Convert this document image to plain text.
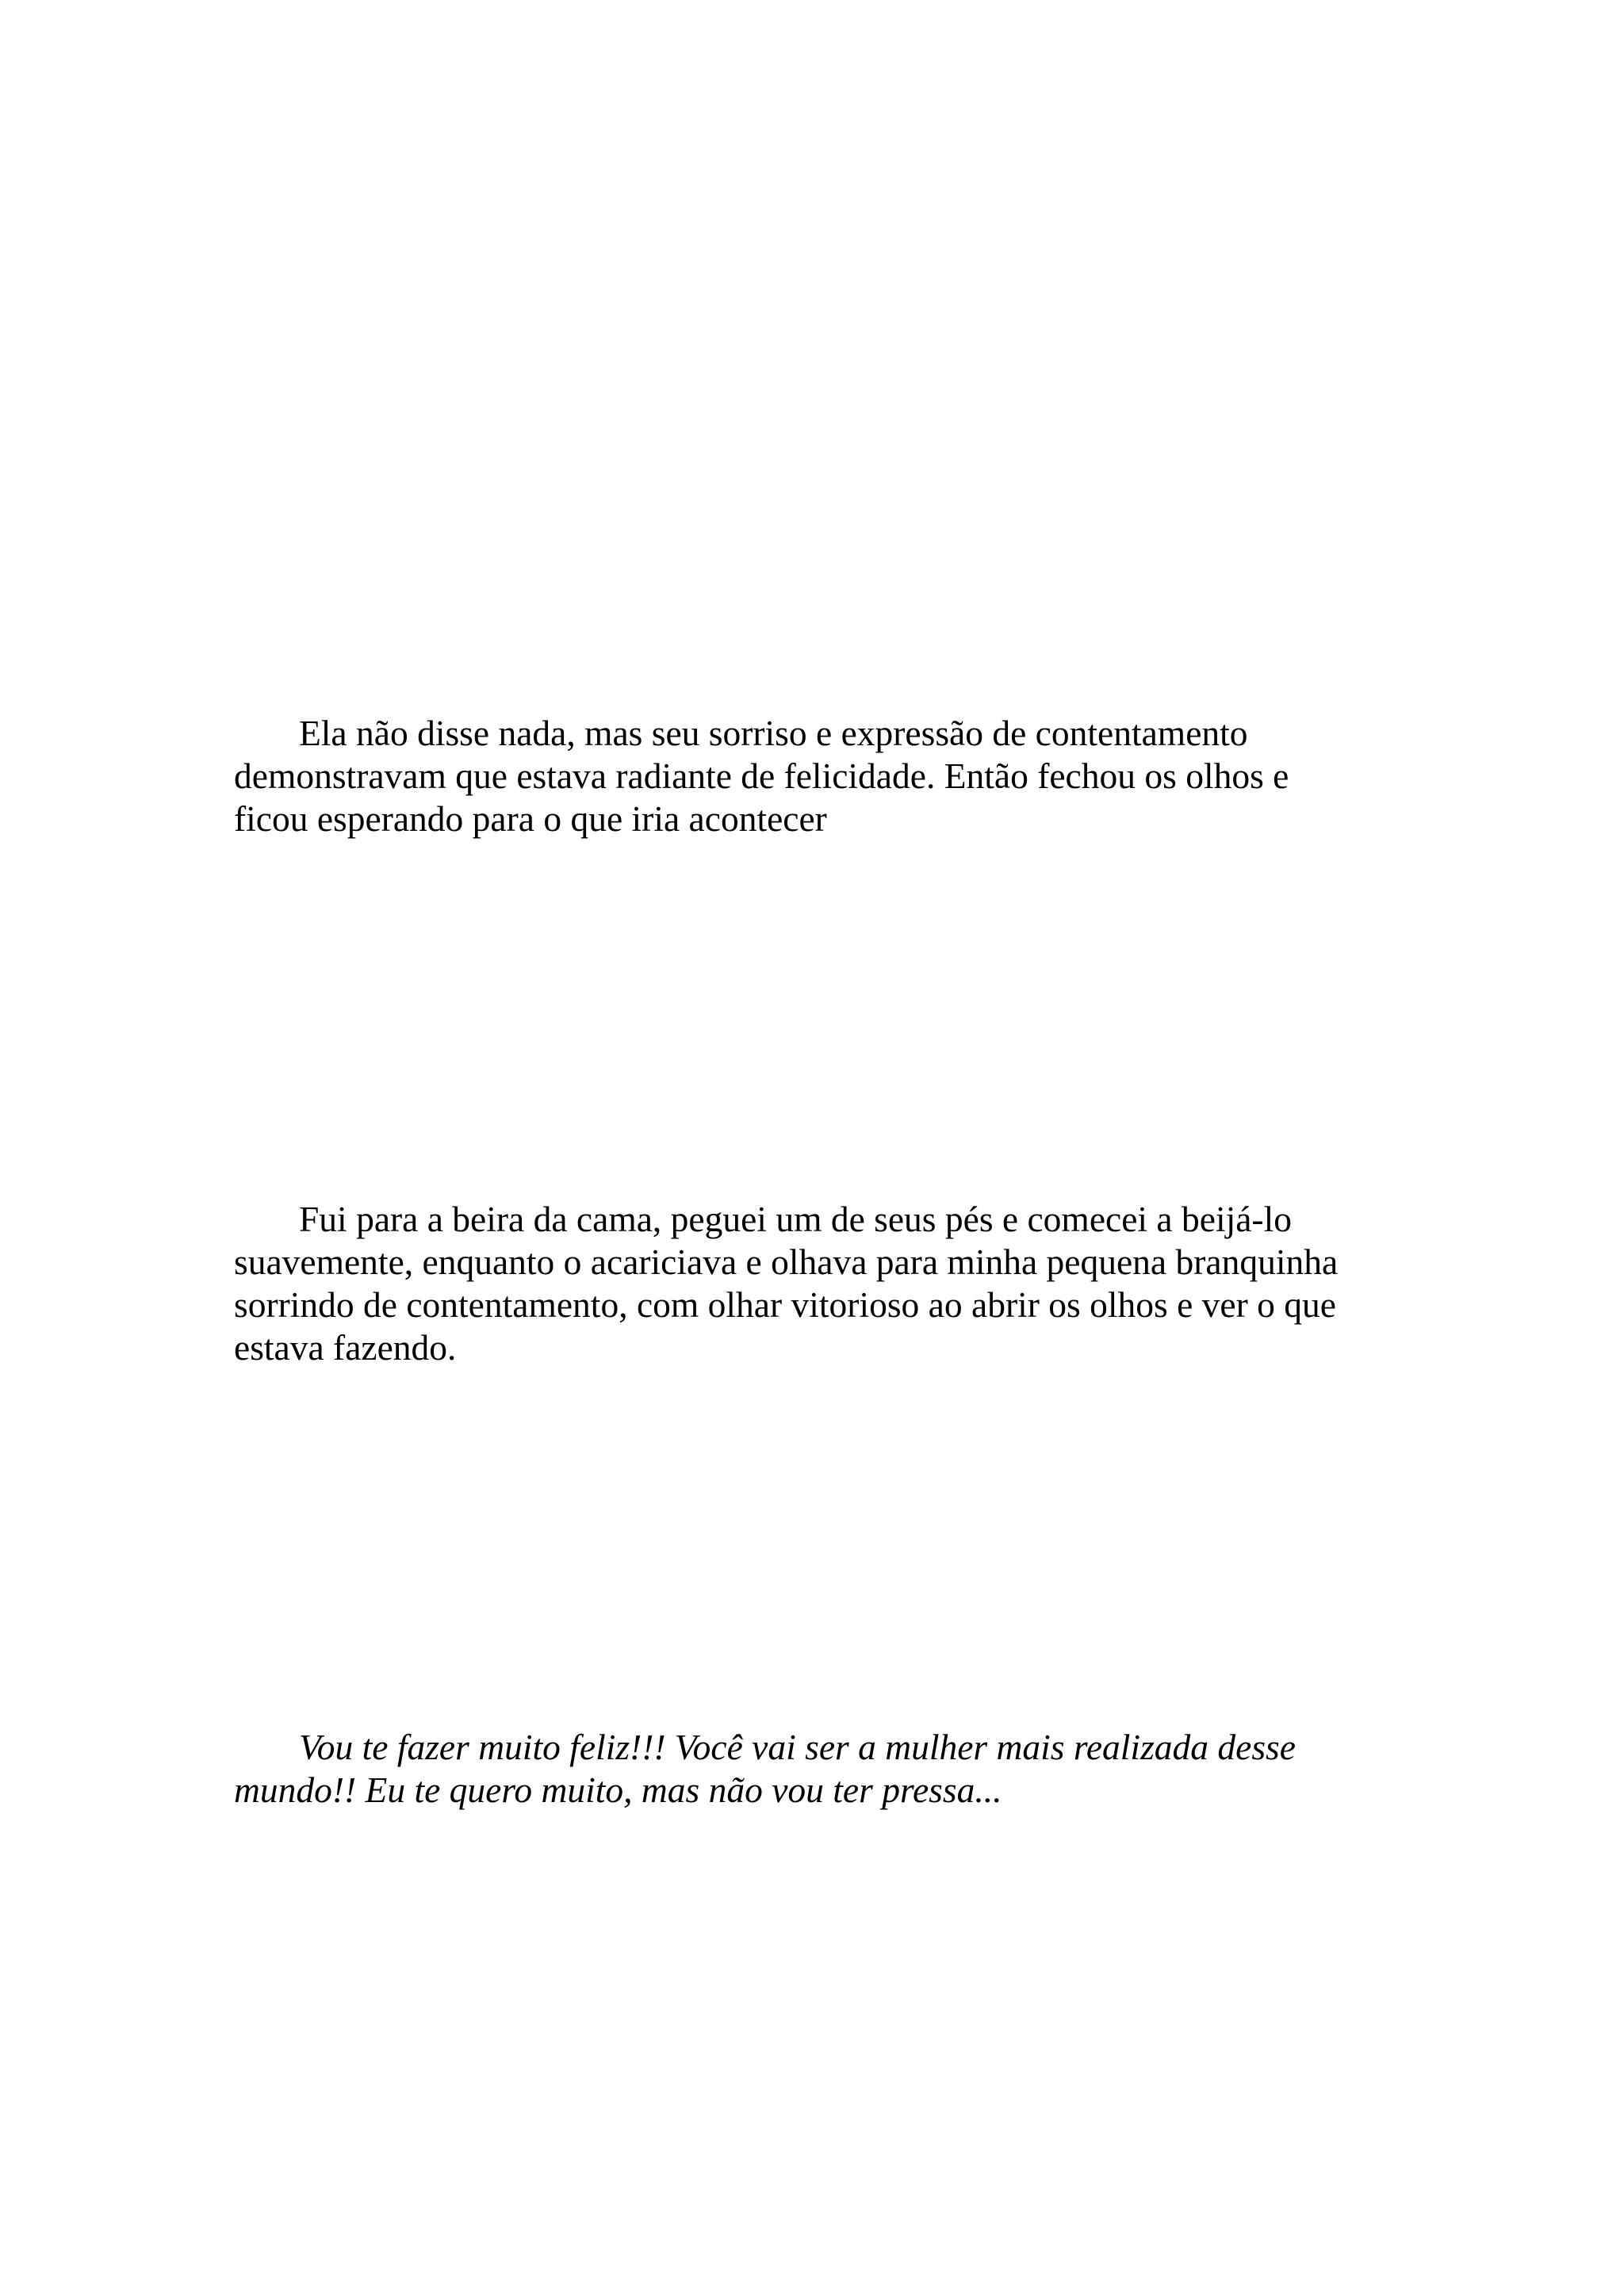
Ela não disse nada, mas seu sorriso e expressão de contentamento
demonstravam que estava radiante de felicidade. Então fechou os olhos e
ficou esperando para o que iria acontecer

Fui para a beira da cama, peguei um de seus pés e comecei a beijá-lo
suavemente, enquanto o acariciava e olhava para minha pequena branquinha
sorrindo de contentamento, com olhar vitorioso ao abrir os olhos e ver o que
estava fazendo.

Vou te fazer muito feliz!!! Você vai ser a mulher mais realizada desse
mundo!! Eu te quero muito, mas não vou ter pressa...
